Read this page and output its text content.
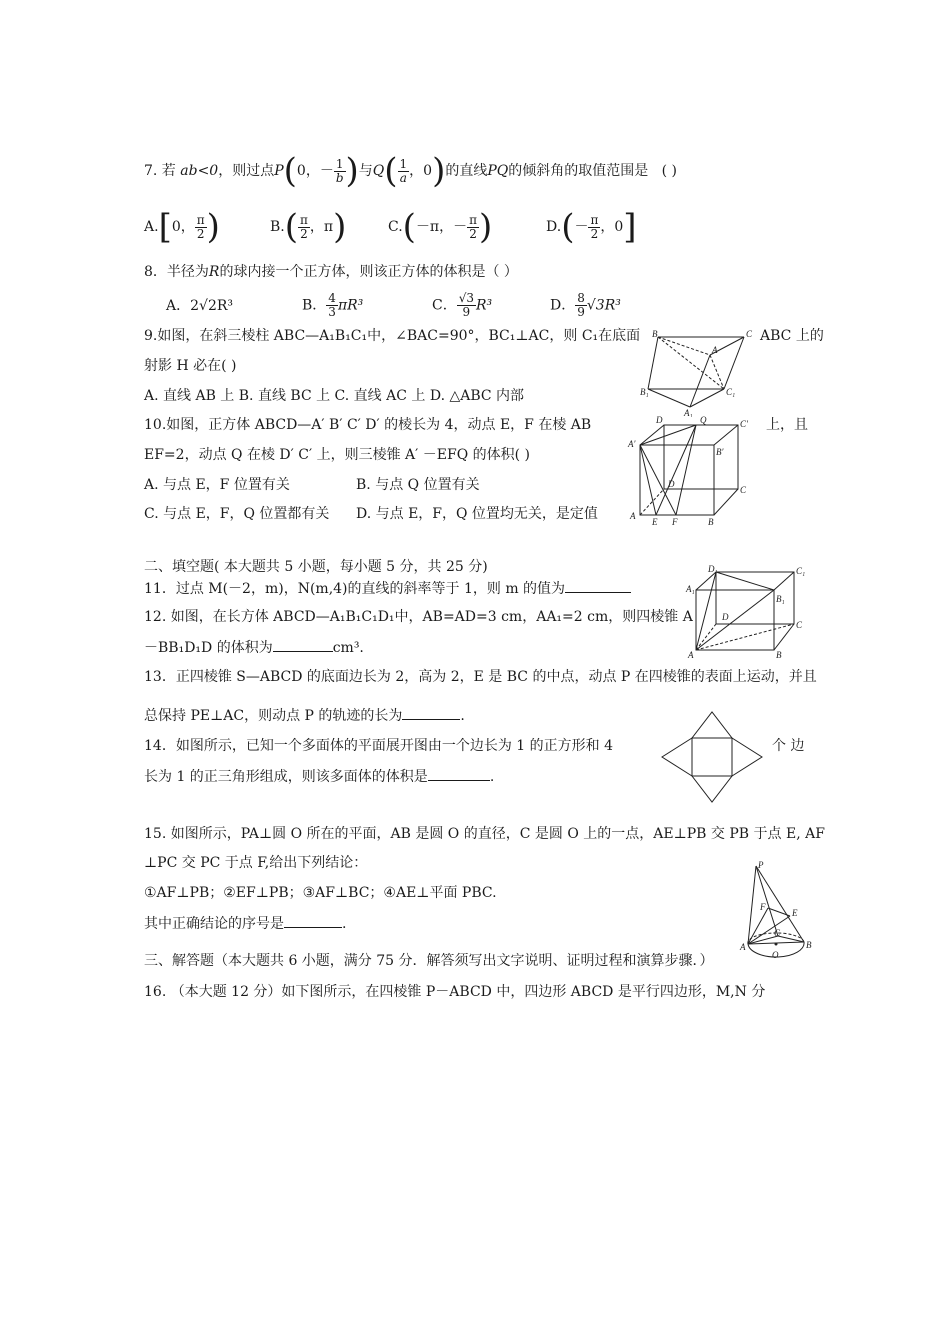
7. 若 ab<0，则过点P(0，－ $\frac{1}{b}$ )与$Q( \frac{1}{a}$ ，0)的直线PQ的倾斜角的取值范围是 ( )
A.[0， $\frac{\pi}{2}$ )	$B.( \frac{\pi}{2}$ ，π)	C.(－π，－ $\frac{\pi}{2}$ )	$D.(- \frac{\pi}{2}$ ，0]
8．半径为R的球内接一个正方体，则该正方体的体积是（ ）
A．2√2R³	B． $\frac{4}{3} \pi R^3$	C． $\frac{√3}{9} R^3$	D． $\frac{8}{9} √3R^3$
9.如图，在斜三棱柱 ABC—A₁B₁C₁中，∠BAC=90°，BC₁⊥AC，则 C₁在底面	ABC 上的
射影 H 必在( )
A. 直线 AB 上 B. 直线 BC 上 C. 直线 AC 上 D. △ABC 内部
B	C
A
B₁	C₁
A₁
10.如图，正方体 ABCD—A′ B′ C′ D′ 的棱长为 4，动点 E，F 在棱 AB	上，且
EF=2，动点 Q 在棱 D′ C′ 上，则三棱锥 A′ －EFQ 的体积( )
A. 与点 E，F 位置有关	B. 与点 Q 位置有关
C. 与点 E，F，Q 位置都有关 D. 与点 E，F，Q 位置均无关，是定值
D	Q	C′
A′
B′
D
C
A
E F	B
二、填空题( 本大题共 5 小题，每小题 5 分，共 25 分)
11．过点 M(－2，m)，N(m,4)的直线的斜率等于 1，则 m 的值为
12. 如图，在长方体 ABCD—A₁B₁C₁D₁中，AB=AD=3 cm，AA₁=2 cm，则四棱锥 A
－BB₁D₁D 的体积为	cm³.
D₁	C₁
A₁
B₁
D
C
A	B
13．正四棱锥 S—ABCD 的底面边长为 2，高为 2，E 是 BC 的中点，动点 P 在四棱锥的表面上运动，并且
总保持 PE⊥AC，则动点 P 的轨迹的长为	.
14．如图所示，已知一个多面体的平面展开图由一个边长为 1 的正方形和 4	个 边
长为 1 的正三角形组成，则该多面体的体积是	.
15. 如图所示，PA⊥圆 O 所在的平面，AB 是圆 O 的直径，C 是圆 O 上的一点，AE⊥PB 交 PB 于点 E, AF
⊥PC 交 PC 于点 F,给出下列结论：
①AF⊥PB；②EF⊥PB；③AF⊥BC；④AE⊥平面 PBC.
其中正确结论的序号是	.
P
F
E
A
C
B
O
三、解答题（本大题共 6 小题，满分 75 分．解答须写出文字说明、证明过程和演算步骤．）
16. （本大题 12 分）如下图所示，在四棱锥 P－ABCD 中，四边形 ABCD 是平行四边形，M,N 分
